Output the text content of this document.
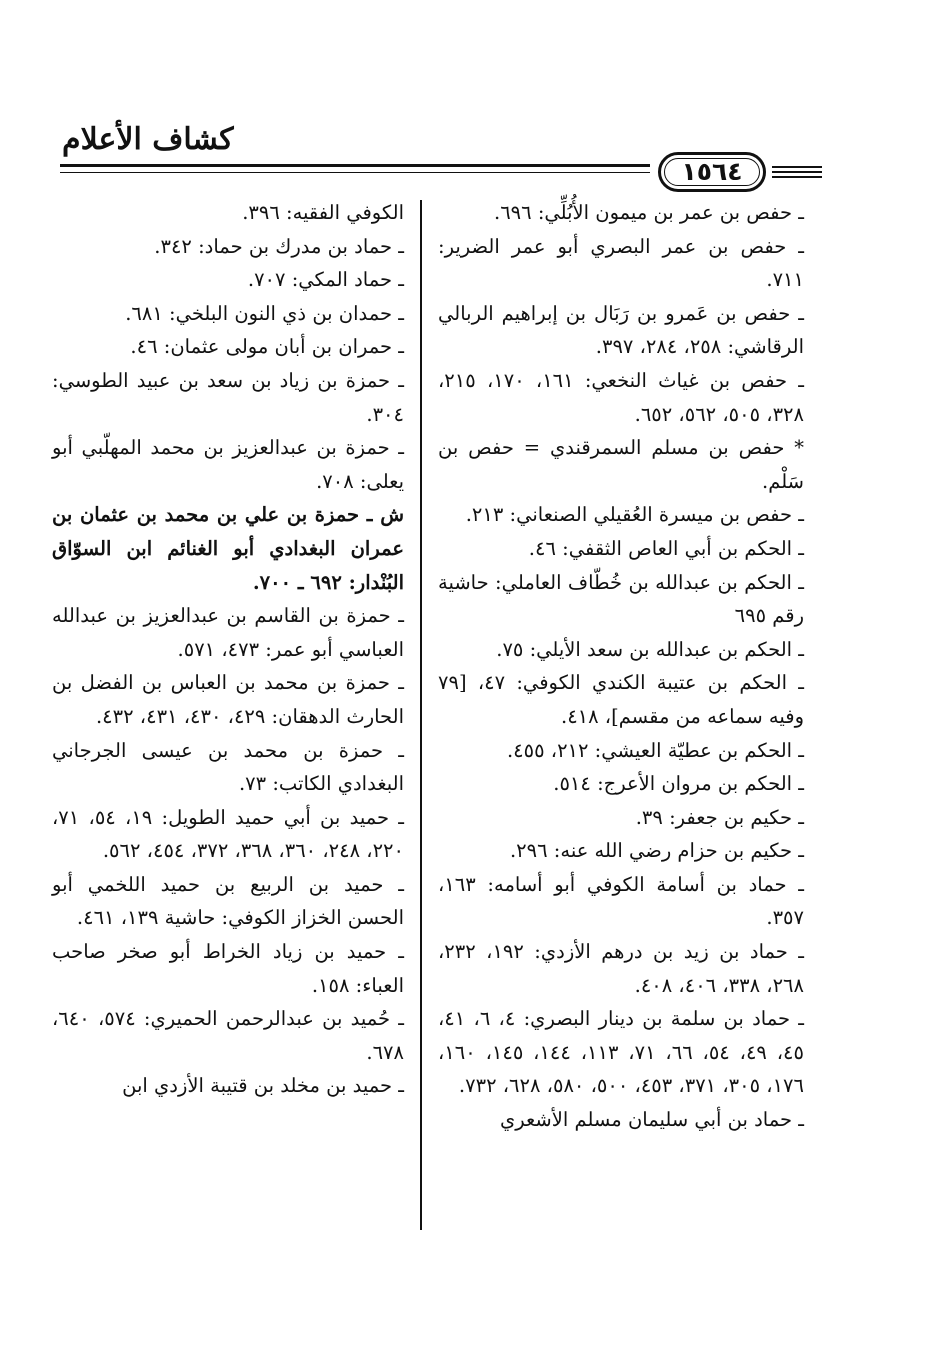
كشاف الأعلام
١٥٦٤

ـ حفص بن عمر بن ميمون الأُبُلِّي: ٦٩٦.

ـ حفص بن عمر البصري أبو عمر الضرير: ٧١١.

ـ حفص بن عَمرو بن رَبَال بن إبراهيم الربالي الرقاشي: ٢٥٨، ٢٨٤، ٣٩٧.

ـ حفص بن غياث النخعي: ١٦١، ١٧٠، ٢١٥، ٣٢٨، ٥٠٥، ٥٦٢، ٦٥٢.

* حفص بن مسلم السمرقندي = حفص بن سَلْم.

ـ حفص بن ميسرة العُقيلي الصنعاني: ٢١٣.

ـ الحكم بن أبي العاص الثقفي: ٤٦.

ـ الحكم بن عبدالله بن خُطّاف العاملي: حاشية رقم ٦٩٥

ـ الحكم بن عبدالله بن سعد الأيلي: ٧٥.

ـ الحكم بن عتيبة الكندي الكوفي: ٤٧، [٧٩ وفيه سماعه من مقسم]، ٤١٨.

ـ الحكم بن عطيّة العيشي: ٢١٢، ٤٥٥.

ـ الحكم بن مروان الأعرج: ٥١٤.

ـ حكيم بن جعفر: ٣٩.

ـ حكيم بن حزام رضي الله عنه: ٢٩٦.

ـ حماد بن أسامة الكوفي أبو أسامه: ١٦٣، ٣٥٧.

ـ حماد بن زيد بن درهم الأزدي: ١٩٢، ٢٣٢، ٢٦٨، ٣٣٨، ٤٠٦، ٤٠٨.

ـ حماد بن سلمة بن دينار البصري: ٤، ٦، ٤١، ٤٥، ٤٩، ٥٤، ٦٦، ٧١، ١١٣، ١٤٤، ١٤٥، ١٦٠، ١٧٦، ٣٠٥، ٣٧١، ٤٥٣، ٥٠٠، ٥٨٠، ٦٢٨، ٧٣٢.

ـ حماد بن أبي سليمان مسلم الأشعري

الكوفي الفقيه: ٣٩٦.

ـ حماد بن مدرك بن حماد: ٣٤٢.

ـ حماد المكي: ٧٠٧.

ـ حمدان بن ذي النون البلخي: ٦٨١.

ـ حمران بن أبان مولى عثمان: ٤٦.

ـ حمزة بن زياد بن سعد بن عبيد الطوسي: ٣٠٤.

ـ حمزة بن عبدالعزيز بن محمد المهلّبي أبو يعلى: ٧٠٨.

ش ـ حمزة بن علي بن محمد بن عثمان بن عمران البغدادي أبو الغنائم ابن السوّاق البُنْدار: ٦٩٢ ـ ٧٠٠.

ـ حمزة بن القاسم بن عبدالعزيز بن عبدالله العباسي أبو عمر: ٤٧٣، ٥٧١.

ـ حمزة بن محمد بن العباس بن الفضل بن الحارث الدهقان: ٤٢٩، ٤٣٠، ٤٣١، ٤٣٢.

ـ حمزة بن محمد بن عيسى الجرجاني البغدادي الكاتب: ٧٣.

ـ حميد بن أبي حميد الطويل: ١٩، ٥٤، ٧١، ٢٢٠، ٢٤٨، ٣٦٠، ٣٦٨، ٣٧٢، ٤٥٤، ٥٦٢.

ـ حميد بن الربيع بن حميد اللخمي أبو الحسن الخزاز الكوفي: حاشية ١٣٩، ٤٦١.

ـ حميد بن زياد الخراط أبو صخر صاحب العباء: ١٥٨.

ـ حُميد بن عبدالرحمن الحميري: ٥٧٤، ٦٤٠، ٦٧٨.

ـ حميد بن مخلد بن قتيبة الأزدي ابن
